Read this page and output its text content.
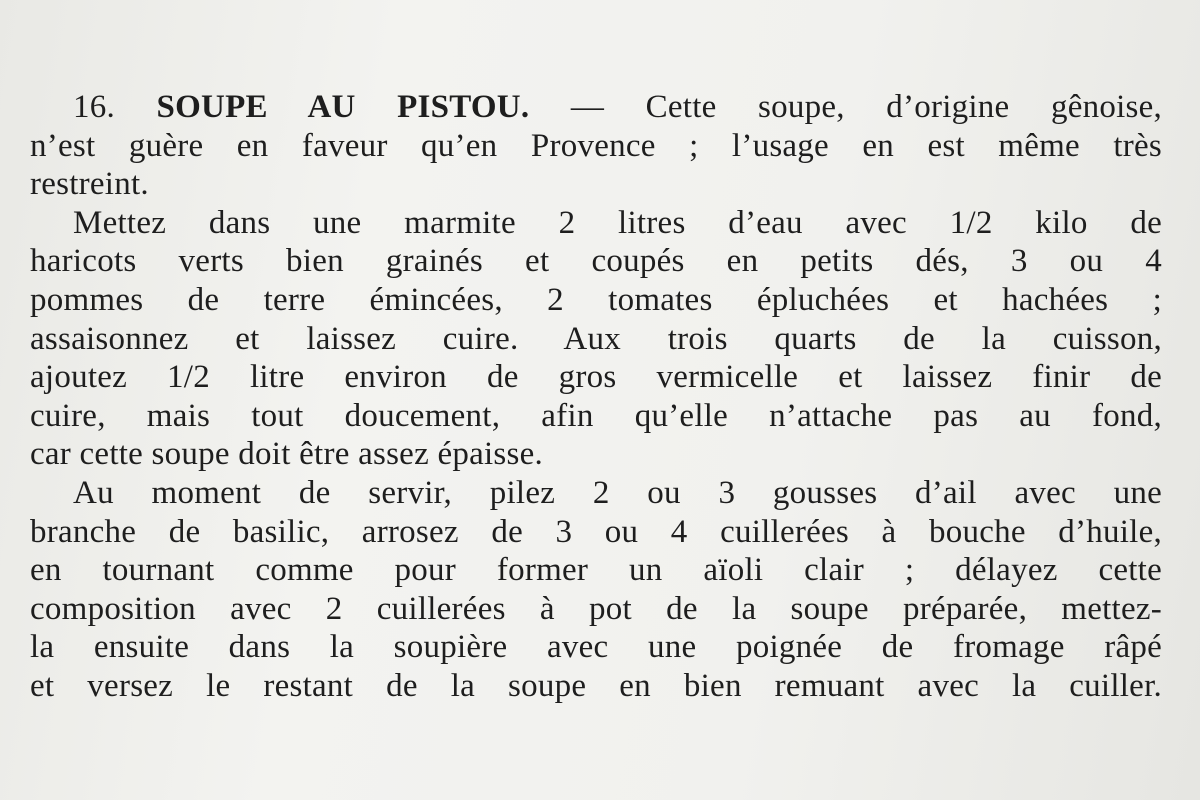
16. SOUPE AU PISTOU. — Cette soupe, d’origine gênoise,
n’est guère en faveur qu’en Provence ; l’usage en est même très
restreint.
Mettez dans une marmite 2 litres d’eau avec 1/2 kilo de
haricots verts bien grainés et coupés en petits dés, 3 ou 4
pommes de terre émincées, 2 tomates épluchées et hachées ;
assaisonnez et laissez cuire. Aux trois quarts de la cuisson,
ajoutez 1/2 litre environ de gros vermicelle et laissez finir de
cuire, mais tout doucement, afin qu’elle n’attache pas au fond,
car cette soupe doit être assez épaisse.
Au moment de servir, pilez 2 ou 3 gousses d’ail avec une
branche de basilic, arrosez de 3 ou 4 cuillerées à bouche d’huile,
en tournant comme pour former un aïoli clair ; délayez cette
composition avec 2 cuillerées à pot de la soupe préparée, mettez-
la ensuite dans la soupière avec une poignée de fromage râpé
et versez le restant de la soupe en bien remuant avec la cuiller.
